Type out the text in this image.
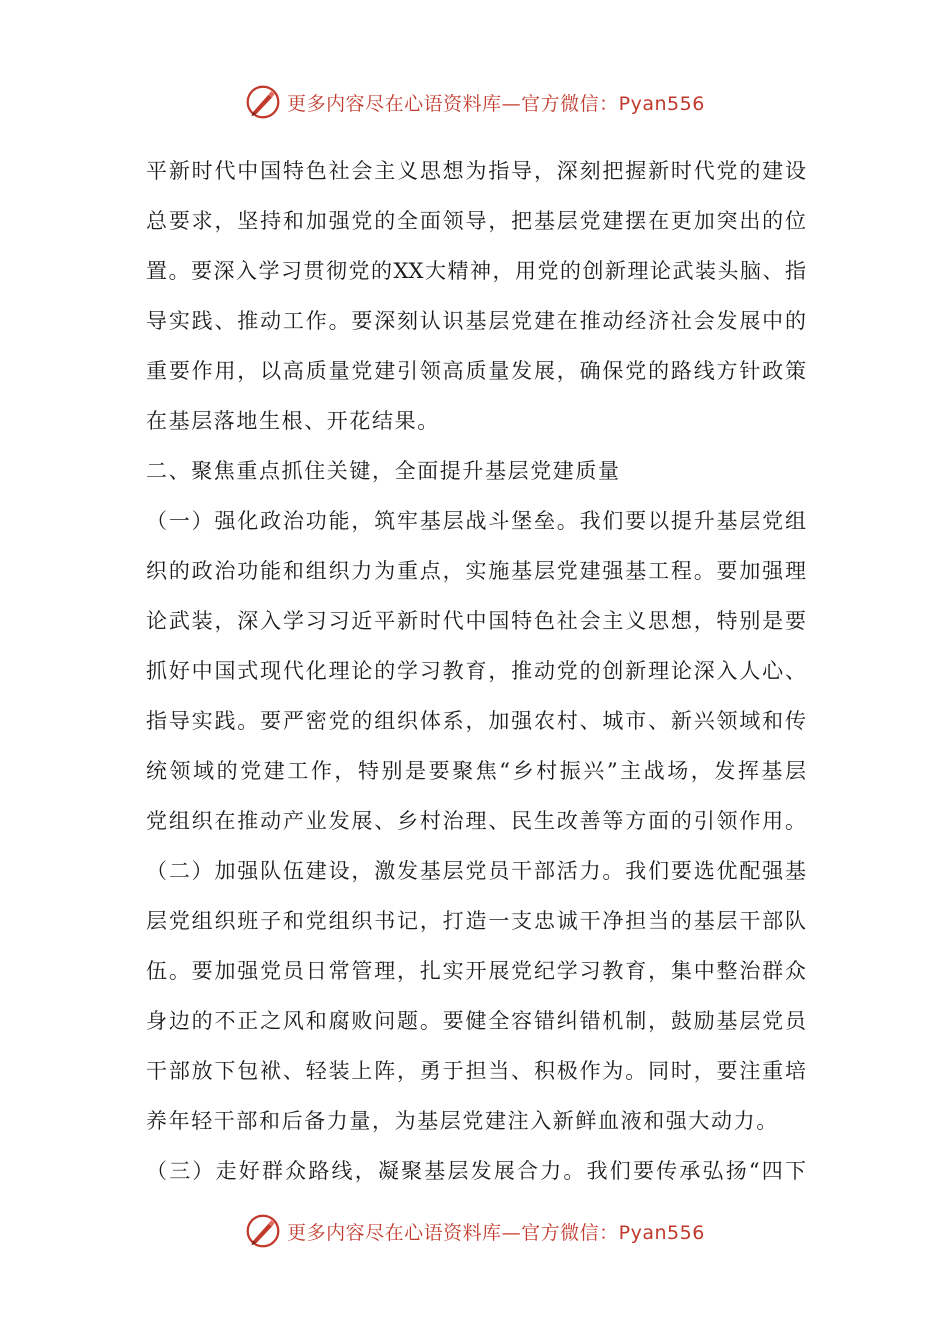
更多内容尽在心语资料库—官方微信：Pyan556
平新时代中国特色社会主义思想为指导，深刻把握新时代党的建设
总要求，坚持和加强党的全面领导，把基层党建摆在更加突出的位
置。要深入学习贯彻党的XX大精神，用党的创新理论武装头脑、指
导实践、推动工作。要深刻认识基层党建在推动经济社会发展中的
重要作用，以高质量党建引领高质量发展，确保党的路线方针政策
在基层落地生根、开花结果。
二、聚焦重点抓住关键，全面提升基层党建质量
（一）强化政治功能，筑牢基层战斗堡垒。我们要以提升基层党组
织的政治功能和组织力为重点，实施基层党建强基工程。要加强理
论武装，深入学习习近平新时代中国特色社会主义思想，特别是要
抓好中国式现代化理论的学习教育，推动党的创新理论深入人心、
指导实践。要严密党的组织体系，加强农村、城市、新兴领域和传
统领域的党建工作，特别是要聚焦“乡村振兴”主战场，发挥基层
党组织在推动产业发展、乡村治理、民生改善等方面的引领作用。
（二）加强队伍建设，激发基层党员干部活力。我们要选优配强基
层党组织班子和党组织书记，打造一支忠诚干净担当的基层干部队
伍。要加强党员日常管理，扎实开展党纪学习教育，集中整治群众
身边的不正之风和腐败问题。要健全容错纠错机制，鼓励基层党员
干部放下包袱、轻装上阵，勇于担当、积极作为。同时，要注重培
养年轻干部和后备力量，为基层党建注入新鲜血液和强大动力。
（三）走好群众路线，凝聚基层发展合力。我们要传承弘扬“四下
更多内容尽在心语资料库—官方微信：Pyan556
